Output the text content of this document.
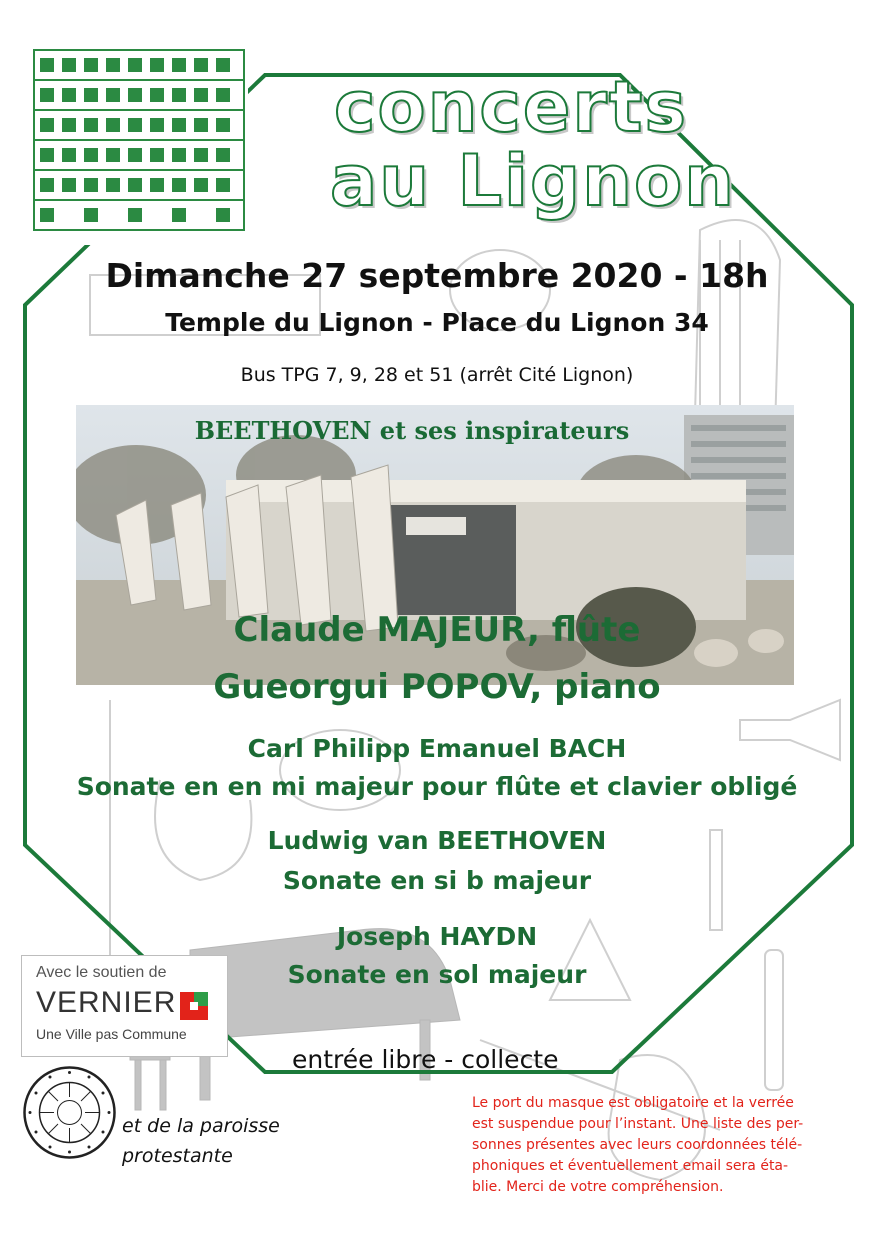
concerts
au Lignon
Dimanche 27 septembre 2020 - 18h
Temple du Lignon - Place du Lignon 34
Bus TPG 7, 9, 28 et 51 (arrêt Cité Lignon)
BEETHOVEN et ses inspirateurs
Claude MAJEUR, flûte
Gueorgui POPOV, piano
Carl Philipp Emanuel BACH
Sonate en en mi majeur pour flûte et clavier obligé
Ludwig van BEETHOVEN
Sonate en si b majeur
Joseph HAYDN
Sonate en sol majeur
entrée libre - collecte
Avec le soutien de
VERNIER
Une Ville pas Commune
et de la paroisse
protestante
Le port du masque est obligatoire et la verrée
est suspendue pour l’instant. Une liste des per-
sonnes présentes avec leurs coordonnées télé-
phoniques et éventuellement email sera éta-
blie. Merci de votre compréhension.
